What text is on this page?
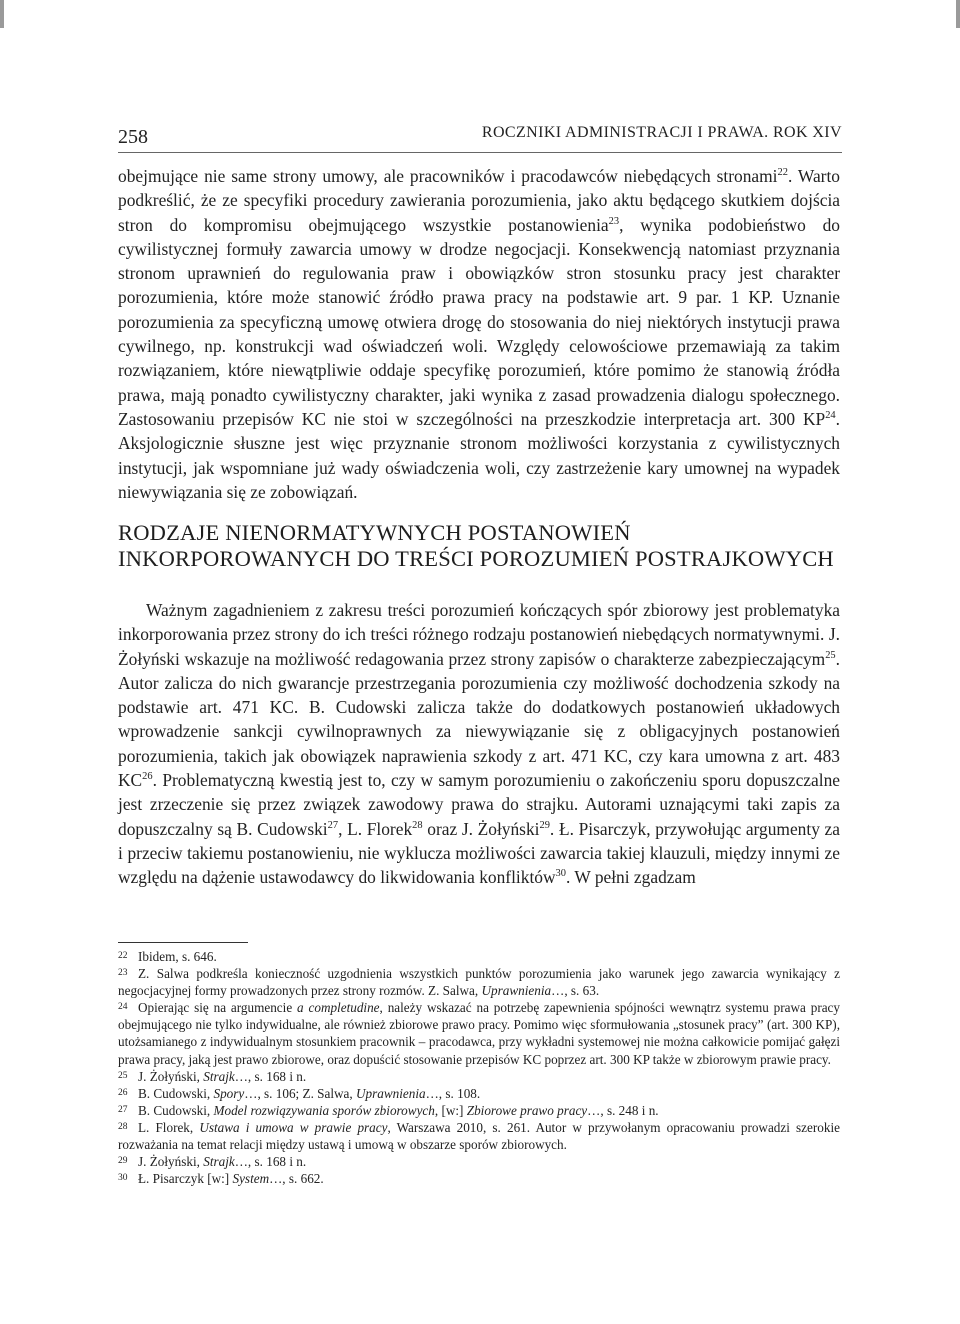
258	ROCZNIKI ADMINISTRACJI I PRAWA. ROK XIV

obejmujące nie same strony umowy, ale pracowników i pracodawców niebędących stronami$^{22}$. Warto podkreślić, że ze specyfiki procedury zawierania porozumienia, jako aktu będącego skutkiem dojścia stron do kompromisu obejmującego wszystkie postanowienia$^{23}$, wynika podobieństwo do cywilistycznej formuły zawarcia umowy w drodze negocjacji. Konsekwencją natomiast przyznania stronom uprawnień do regulowania praw i obowiązków stron stosunku pracy jest charakter porozumienia, które może stanowić źródło prawa pracy na podstawie art. 9 par. 1 KP. Uznanie porozumienia za specyficzną umowę otwiera drogę do stosowania do niej niektórych instytucji prawa cywilnego, np. konstrukcji wad oświadczeń woli. Względy celowościowe przemawiają za takim rozwiązaniem, które niewątpliwie oddaje specyfikę porozumień, które pomimo że stanowią źródła prawa, mają ponadto cywilistyczny charakter, jaki wynika z zasad prowadzenia dialogu społecznego. Zastosowaniu przepisów KC nie stoi w szczególności na przeszkodzie interpretacja art. 300 KP$^{24}$. Aksjologicznie słuszne jest więc przyznanie stronom możliwości korzystania z cywilistycznych instytucji, jak wspomniane już wady oświadczenia woli, czy zastrzeżenie kary umownej na wypadek niewywiązania się ze zobowiązań.

RODZAJE NIENORMATYWNYCH POSTANOWIEŃ
INKORPOROWANYCH DO TREŚCI POROZUMIEŃ POSTRAJKOWYCH

Ważnym zagadnieniem z zakresu treści porozumień kończących spór zbiorowy jest problematyka inkorporowania przez strony do ich treści różnego rodzaju postanowień niebędących normatywnymi. J. Żołyński wskazuje na możliwość redagowania przez strony zapisów o charakterze zabezpieczającym$^{25}$. Autor zalicza do nich gwarancje przestrzegania porozumienia czy możliwość dochodzenia szkody na podstawie art. 471 KC. B. Cudowski zalicza także do dodatkowych postanowień układowych wprowadzenie sankcji cywilnoprawnych za niewywiązanie się z obligacyjnych postanowień porozumienia, takich jak obowiązek naprawienia szkody z art. 471 KC, czy kara umowna z art. 483 KC$^{26}$. Problematyczną kwestią jest to, czy w samym porozumieniu o zakończeniu sporu dopuszczalne jest zrzeczenie się przez związek zawodowy prawa do strajku. Autorami uznającymi taki zapis za dopuszczalny są B. Cudowski$^{27}$, L. Florek$^{28}$ oraz J. Żołyński$^{29}$. Ł. Pisarczyk, przywołując argumenty za i przeciw takiemu postanowieniu, nie wyklucza możliwości zawarcia takiej klauzuli, między innymi ze względu na dążenie ustawodawcy do likwidowania konfliktów$^{30}$. W pełni zgadzam

22 Ibidem, s. 646.

23 Z. Salwa podkreśla konieczność uzgodnienia wszystkich punktów porozumienia jako warunek jego zawarcia wynikający z negocjacyjnej formy prowadzonych przez strony rozmów. Z. Salwa, Uprawnienia…, s. 63.

24 Opierając się na argumencie a completudine, należy wskazać na potrzebę zapewnienia spójności wewnątrz systemu prawa pracy obejmującego nie tylko indywidualne, ale również zbiorowe prawo pracy. Pomimo więc sformułowania „stosunek pracy” (art. 300 KP), utożsamianego z indywidualnym stosunkiem pracownik – pracodawca, przy wykładni systemowej nie można całkowicie pomijać gałęzi prawa pracy, jaką jest prawo zbiorowe, oraz dopuścić stosowanie przepisów KC poprzez art. 300 KP także w zbiorowym prawie pracy.

25 J. Żołyński, Strajk…, s. 168 i n.

26 B. Cudowski, Spory…, s. 106; Z. Salwa, Uprawnienia…, s. 108.

27 B. Cudowski, Model rozwiązywania sporów zbiorowych, [w:] Zbiorowe prawo pracy…, s. 248 i n.

28 L. Florek, Ustawa i umowa w prawie pracy, Warszawa 2010, s. 261. Autor w przywołanym opracowaniu prowadzi szerokie rozważania na temat relacji między ustawą i umową w obszarze sporów zbiorowych.

29 J. Żołyński, Strajk…, s. 168 i n.

30 Ł. Pisarczyk [w:] System…, s. 662.
